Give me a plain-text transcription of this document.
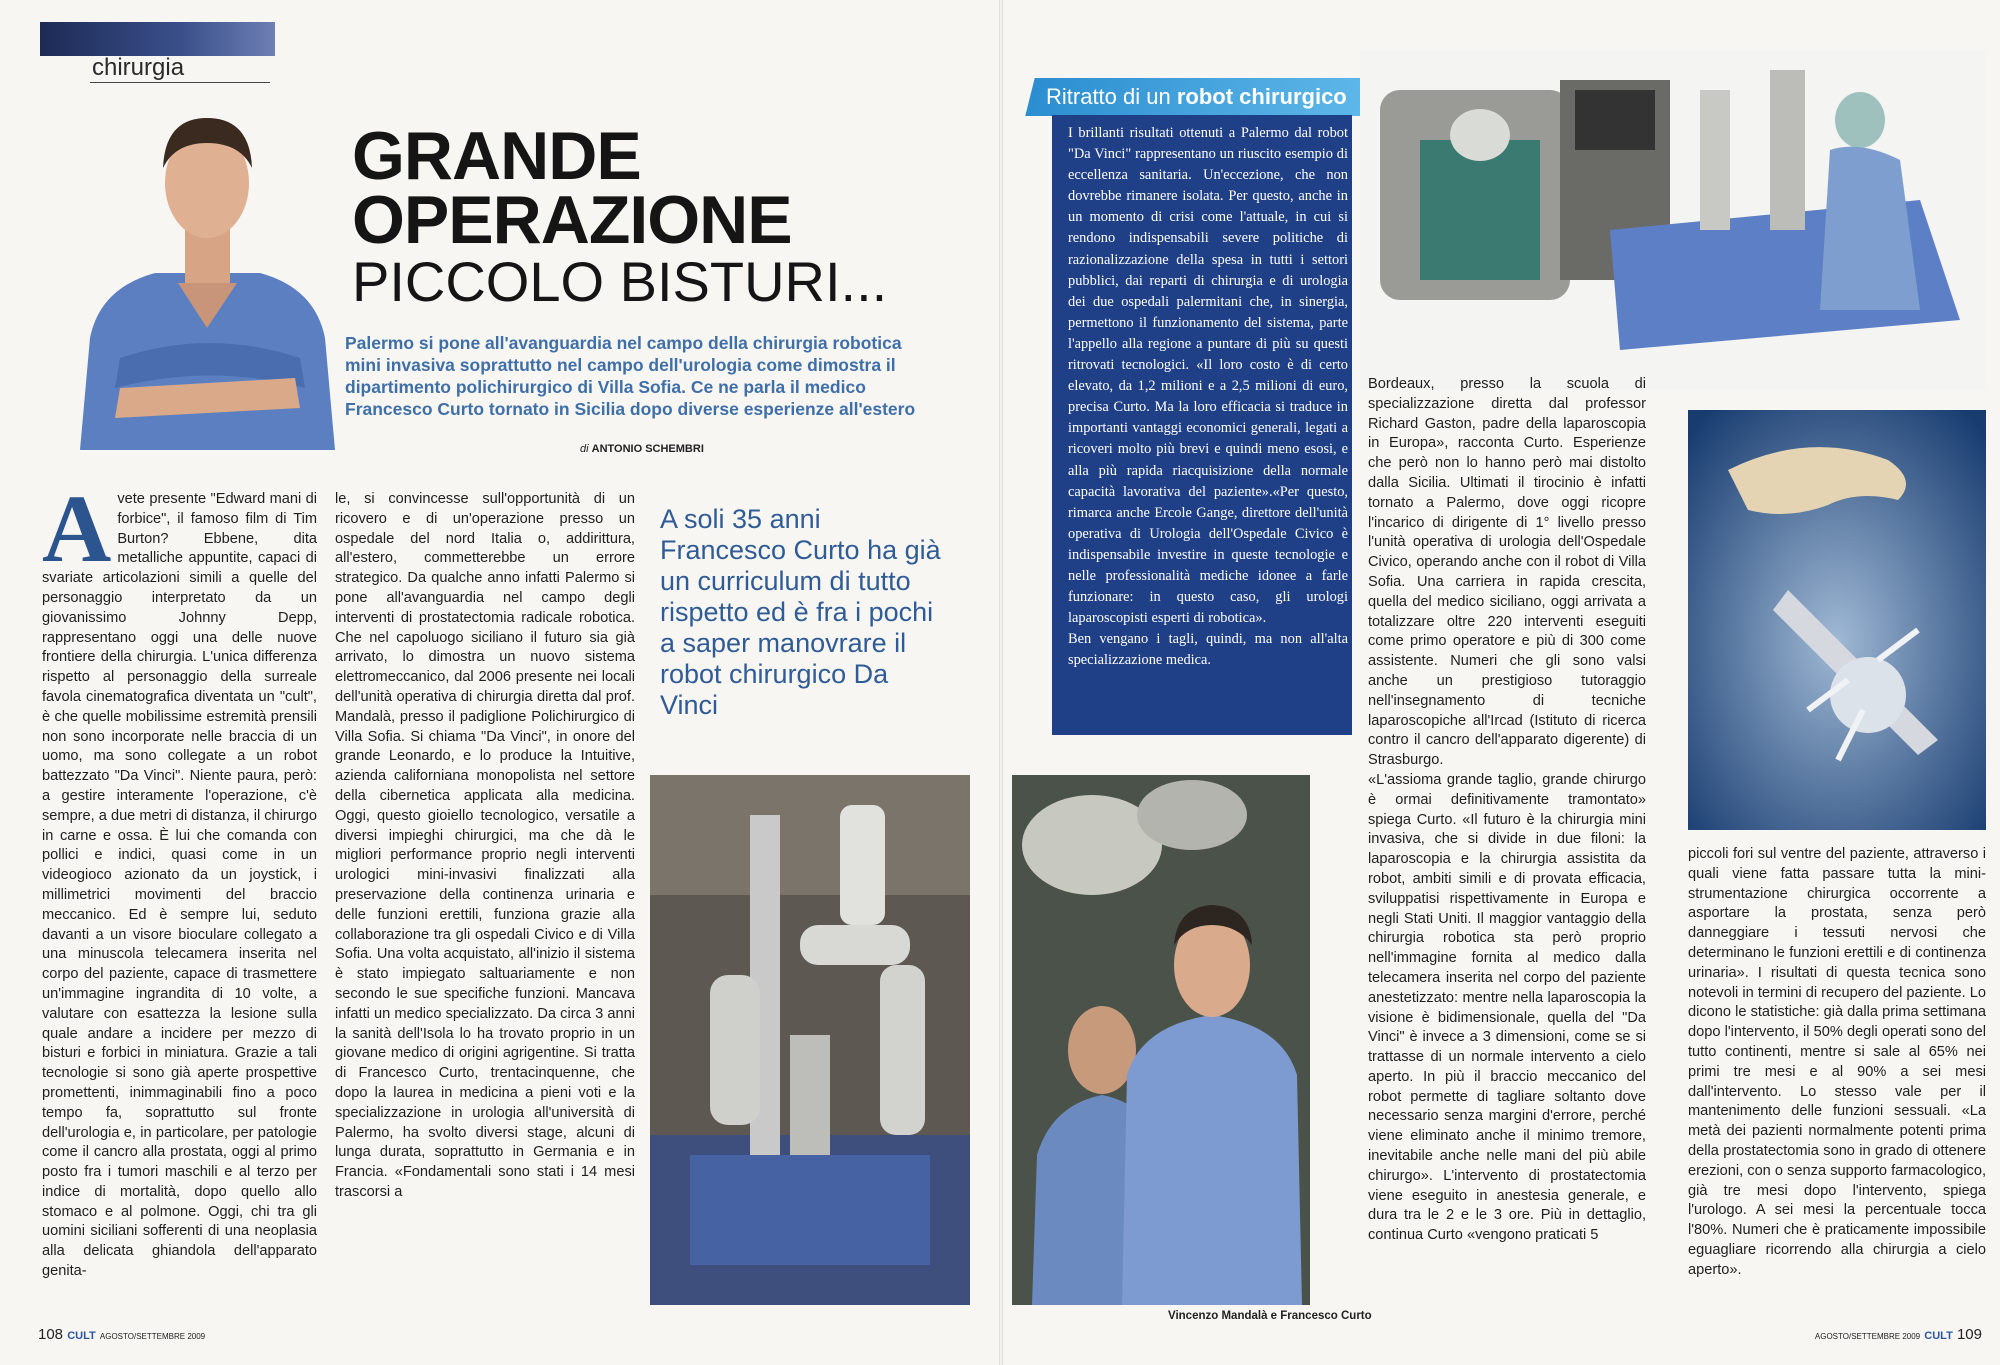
chirurgia
GRANDE
OPERAZIONE
PICCOLO BISTURI...
Palermo si pone all'avanguardia nel campo della chirurgia robotica mini invasiva soprattutto nel campo dell'urologia come dimostra il dipartimento polichirurgico di Villa Sofia. Ce ne parla il medico Francesco Curto tornato in Sicilia dopo diverse esperienze all'estero
di ANTONIO SCHEMBRI
A vete presente "Edward mani di forbice", il famoso film di Tim Burton? Ebbene, dita metalliche appuntite, capaci di svariate articolazioni simili a quelle del personaggio interpretato da un giovanissimo Johnny Depp, rappresentano oggi una delle nuove frontiere della chirurgia. L'unica differenza rispetto al personaggio della surreale favola cinematografica diventata un "cult", è che quelle mobilissime estremità prensili non sono incorporate nelle braccia di un uomo, ma sono collegate a un robot battezzato "Da Vinci". Niente paura, però: a gestire interamente l'operazione, c'è sempre, a due metri di distanza, il chirurgo in carne e ossa. È lui che comanda con pollici e indici, quasi come in un videogioco azionato da un joystick, i millimetrici movimenti del braccio meccanico. Ed è sempre lui, seduto davanti a un visore bioculare collegato a una minuscola telecamera inserita nel corpo del paziente, capace di trasmettere un'immagine ingrandita di 10 volte, a valutare con esattezza la lesione sulla quale andare a incidere per mezzo di bisturi e forbici in miniatura. Grazie a tali tecnologie si sono già aperte prospettive promettenti, inimmaginabili fino a poco tempo fa, soprattutto sul fronte dell'urologia e, in particolare, per patologie come il cancro alla prostata, oggi al primo posto fra i tumori maschili e al terzo per indice di mortalità, dopo quello allo stomaco e al polmone. Oggi, chi tra gli uomini siciliani sofferenti di una neoplasia alla delicata ghiandola dell'apparato genita-

le, si convincesse sull'opportunità di un ricovero e di un'operazione presso un ospedale del nord Italia o, addirittura, all'estero, commetterebbe un errore strategico. Da qualche anno infatti Palermo si pone all'avanguardia nel campo degli interventi di prostatectomia radicale robotica. Che nel capoluogo siciliano il futuro sia già arrivato, lo dimostra un nuovo sistema elettromeccanico, dal 2006 presente nei locali dell'unità operativa di chirurgia diretta dal prof. Mandalà, presso il padiglione Polichirurgico di Villa Sofia. Si chiama "Da Vinci", in onore del grande Leonardo, e lo produce la Intuitive, azienda californiana monopolista nel settore della cibernetica applicata alla medicina. Oggi, questo gioiello tecnologico, versatile a diversi impieghi chirurgici, ma che dà le migliori performance proprio negli interventi urologici mini-invasivi finalizzati alla preservazione della continenza urinaria e delle funzioni erettili, funziona grazie alla collaborazione tra gli ospedali Civico e di Villa Sofia. Una volta acquistato, all'inizio il sistema è stato impiegato saltuariamente e non secondo le sue specifiche funzioni. Mancava infatti un medico specializzato. Da circa 3 anni la sanità dell'Isola lo ha trovato proprio in un giovane medico di origini agrigentine. Si tratta di Francesco Curto, trentacinquenne, che dopo la laurea in medicina a pieni voti e la specializzazione in urologia all'università di Palermo, ha svolto diversi stage, alcuni di lunga durata, soprattutto in Germania e in Francia. «Fondamentali sono stati i 14 mesi trascorsi a

A soli 35 anni Francesco Curto ha già un curriculum di tutto rispetto ed è fra i pochi a saper manovrare il robot chirurgico Da Vinci
108 CULT AGOSTO/SETTEMBRE 2009
Vincenzo Mandalà e Francesco Curto
Ritratto di un robot chirurgico

I brillanti risultati ottenuti a Palermo dal robot "Da Vinci" rappresentano un riuscito esempio di eccellenza sanitaria. Un'eccezione, che non dovrebbe rimanere isolata. Per questo, anche in un momento di crisi come l'attuale, in cui si rendono indispensabili severe politiche di razionalizzazione della spesa in tutti i settori pubblici, dai reparti di chirurgia e di urologia dei due ospedali palermitani che, in sinergia, permettono il funzionamento del sistema, parte l'appello alla regione a puntare di più su questi ritrovati tecnologici. «Il loro costo è di certo elevato, da 1,2 milioni e a 2,5 milioni di euro, precisa Curto. Ma la loro efficacia si traduce in importanti vantaggi economici generali, legati a ricoveri molto più brevi e quindi meno esosi, e alla più rapida riacquisizione della normale capacità lavorativa del paziente».«Per questo, rimarca anche Ercole Gange, direttore dell'unità operativa di Urologia dell'Ospedale Civico è indispensabile investire in queste tecnologie e nelle professionalità mediche idonee a farle funzionare: in questo caso, gli urologi laparoscopisti esperti di robotica».

Ben vengano i tagli, quindi, ma non all'alta specializzazione medica.

Bordeaux, presso la scuola di specializzazione diretta dal professor Richard Gaston, padre della laparoscopia in Europa», racconta Curto. Esperienze che però non lo hanno però mai distolto dalla Sicilia. Ultimati il tirocinio è infatti tornato a Palermo, dove oggi ricopre l'incarico di dirigente di 1° livello presso l'unità operativa di urologia dell'Ospedale Civico, operando anche con il robot di Villa Sofia. Una carriera in rapida crescita, quella del medico siciliano, oggi arrivata a totalizzare oltre 220 interventi eseguiti come primo operatore e più di 300 come assistente. Numeri che gli sono valsi anche un prestigioso tutoraggio nell'insegnamento di tecniche laparoscopiche all'Ircad (Istituto di ricerca contro il cancro dell'apparato digerente) di Strasburgo.

«L'assioma grande taglio, grande chirurgo è ormai definitivamente tramontato» spiega Curto. «Il futuro è la chirurgia mini invasiva, che si divide in due filoni: la laparoscopia e la chirurgia assistita da robot, ambiti simili e di provata efficacia, sviluppatisi rispettivamente in Europa e negli Stati Uniti. Il maggior vantaggio della chirurgia robotica sta però proprio nell'immagine fornita al medico dalla telecamera inserita nel corpo del paziente anestetizzato: mentre nella laparoscopia la visione è bidimensionale, quella del "Da Vinci" è invece a 3 dimensioni, come se si trattasse di un normale intervento a cielo aperto. In più il braccio meccanico del robot permette di tagliare soltanto dove necessario senza margini d'errore, perché viene eliminato anche il minimo tremore, inevitabile anche nelle mani del più abile chirurgo». L'intervento di prostatectomia viene eseguito in anestesia generale, e dura tra le 2 e le 3 ore. Più in dettaglio, continua Curto «vengono praticati 5

piccoli fori sul ventre del paziente, attraverso i quali viene fatta passare tutta la mini-strumentazione chirurgica occorrente a asportare la prostata, senza però danneggiare i tessuti nervosi che determinano le funzioni erettili e di continenza urinaria». I risultati di questa tecnica sono notevoli in termini di recupero del paziente. Lo dicono le statistiche: già dalla prima settimana dopo l'intervento, il 50% degli operati sono del tutto continenti, mentre si sale al 65% nei primi tre mesi e al 90% a sei mesi dall'intervento. Lo stesso vale per il mantenimento delle funzioni sessuali. «La metà dei pazienti normalmente potenti prima della prostatectomia sono in grado di ottenere erezioni, con o senza supporto farmacologico, già tre mesi dopo l'intervento, spiega l'urologo. A sei mesi la percentuale tocca l'80%. Numeri che è praticamente impossibile eguagliare ricorrendo alla chirurgia a cielo aperto».

AGOSTO/SETTEMBRE 2009 CULT 109
